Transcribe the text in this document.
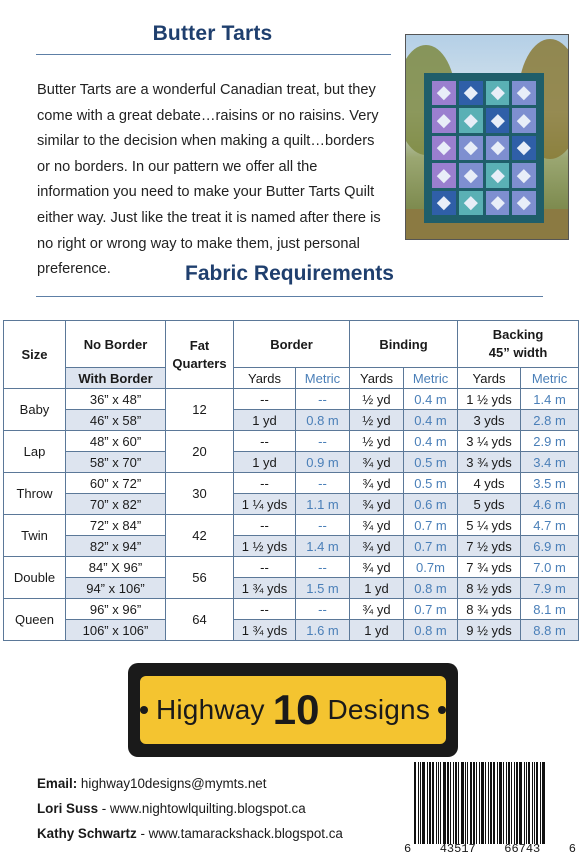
Butter Tarts

Butter Tarts are a wonderful Canadian treat, but they come with a great debate…raisins or no raisins. Very similar to the decision when making a quilt…borders or no borders. In our pattern we offer all the information you need to make your Butter Tarts Quilt either way. Just like the treat it is named after there is no right or wrong way to make them, just personal preference.	Fabric Requirements
Size	No Border	Fat Quarters	Border		Binding		Backing
45” width	
	With Border		Yards	Metric	Yards	Metric	Yards	Metric
Baby	36” x 48”	12	--	--	½ yd	0.4 m	1 ½ yds	1.4 m
	46” x 58”		1 yd	0.8 m	½ yd	0.4 m	3 yds	2.8 m
Lap	48” x 60”	20	--	--	½ yd	0.4 m	3 ¼ yds	2.9 m
	58” x 70”		1 yd	0.9 m	¾ yd	0.5 m	3 ¾ yds	3.4 m
Throw	60” x 72”	30	--	--	¾ yd	0.5 m	4 yds	3.5 m
	70” x 82”		1 ¼ yds	1.1 m	¾ yd	0.6 m	5 yds	4.6 m
Twin	72” x 84”	42	--	--	¾ yd	0.7 m	5 ¼ yds	4.7 m
	82” x 94”		1 ½ yds	1.4 m	¾ yd	0.7 m	7 ½ yds	6.9 m
Double	84” X 96”	56	--	--	¾ yd	0.7m	7 ¾ yds	7.0 m
	94” x 106”		1 ¾ yds	1.5 m	1 yd	0.8 m	8 ½ yds	7.9 m
Queen	96” x 96”	64	--	--	¾ yd	0.7 m	8 ¾ yds	8.1 m
	106” x 106”		1 ¾ yds	1.6 m	1 yd	0.8 m	9 ½ yds	8.8 m
Highway 10 Designs
Email: highway10designs@mymts.net
Lori Suss - www.nightowlquilting.blogspot.ca
Kathy Schwartz - www.tamarackshack.blogspot.ca
6 43517 66743 6
